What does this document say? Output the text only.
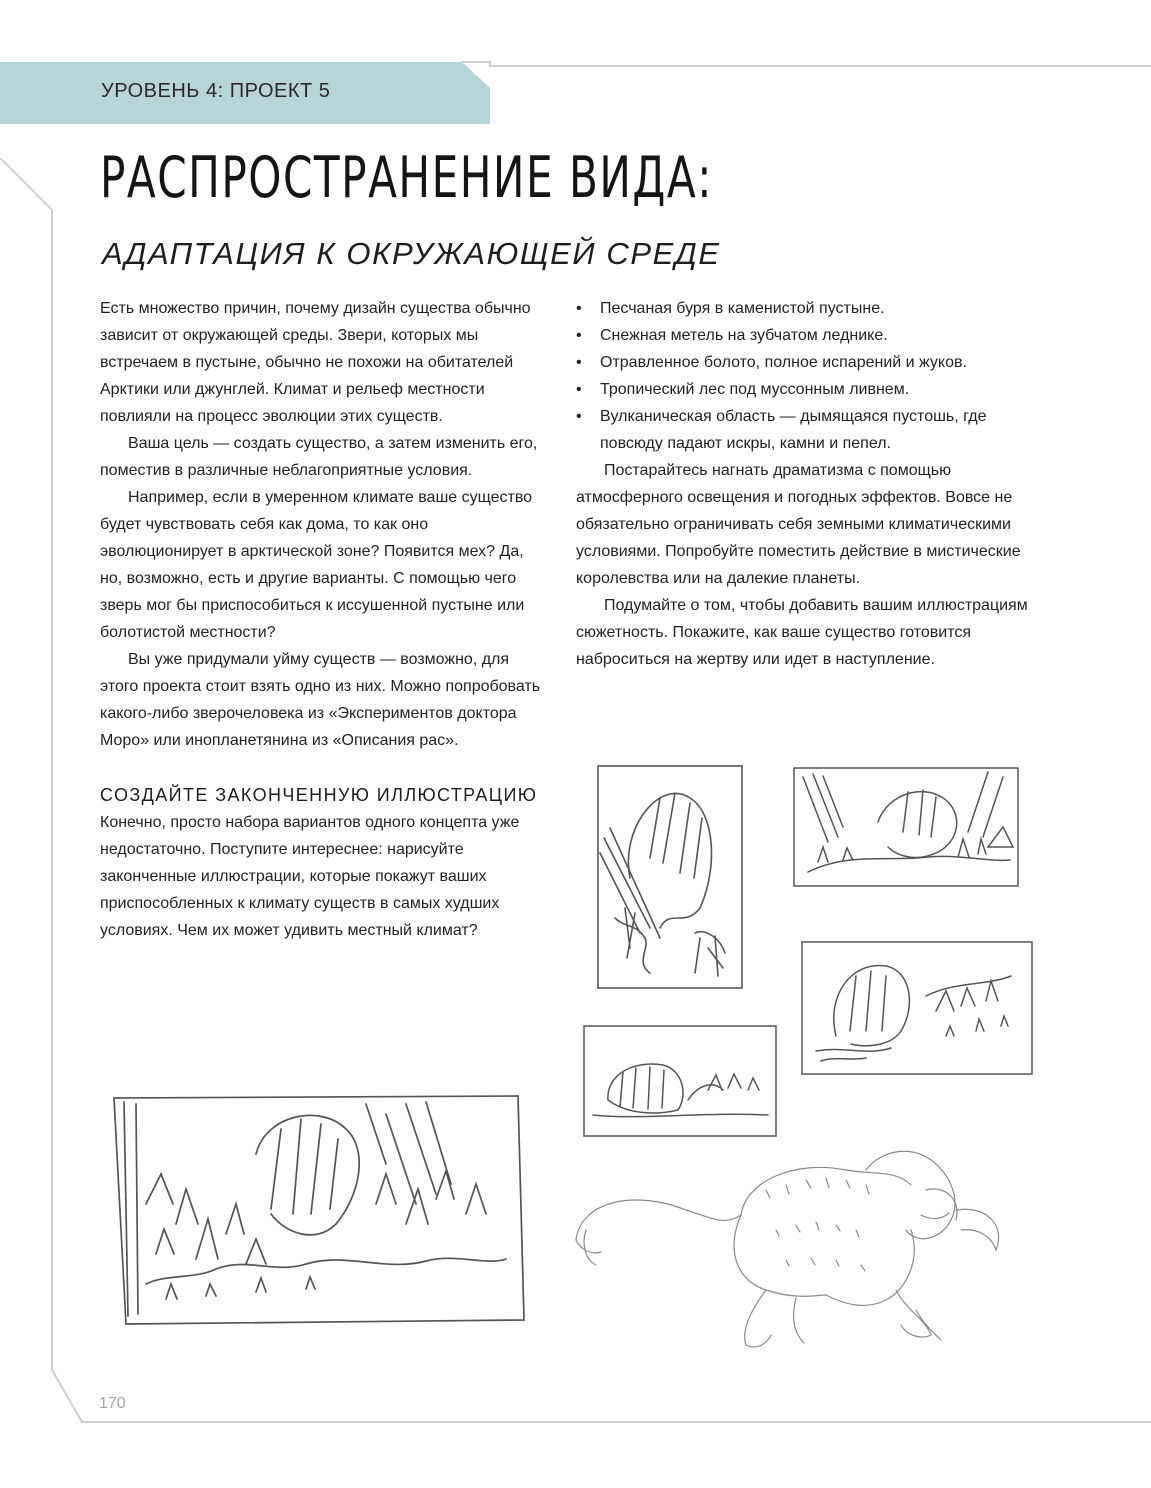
УРОВЕНЬ 4: ПРОЕКТ 5
РАСПРОСТРАНЕНИЕ ВИДА:
АДАПТАЦИЯ К ОКРУЖАЮЩЕЙ СРЕДЕ

Есть множество причин, почему дизайн существа обычно зависит от окружающей среды. Звери, которых мы встречаем в пустыне, обычно не похожи на обитателей Арктики или джунглей. Климат и рельеф местности повлияли на процесс эволюции этих существ.

Ваша цель — создать существо, а затем изменить его, поместив в различные неблагоприятные условия.

Например, если в умеренном климате ваше существо будет чувствовать себя как дома, то как оно эволюционирует в арктической зоне? Появится мех? Да, но, возможно, есть и другие варианты. С помощью чего зверь мог бы приспособиться к иссушенной пустыне или болотистой местности?

Вы уже придумали уйму существ — возможно, для этого проекта стоит взять одно из них. Можно попробовать какого-либо зверочеловека из «Экспериментов доктора Моро» или инопланетянина из «Описания рас».

СОЗДАЙТЕ ЗАКОНЧЕННУЮ ИЛЛЮСТРАЦИЮ

Конечно, просто набора вариантов одного концепта уже недостаточно. Поступите интереснее: нарисуйте законченные иллюстрации, которые покажут ваших приспособленных к климату существ в самых худших условиях. Чем их может удивить местный климат?

• Песчаная буря в каменистой пустыне.
• Снежная метель на зубчатом леднике.
• Отравленное болото, полное испарений и жуков.
• Тропический лес под муссонным ливнем.
• Вулканическая область — дымящаяся пустошь, где повсюду падают искры, камни и пепел.

Постарайтесь нагнать драматизма с помощью атмосферного освещения и погодных эффектов. Вовсе не обязательно ограничивать себя земными климатическими условиями. Попробуйте поместить действие в мистические королевства или на далекие планеты.

Подумайте о том, чтобы добавить вашим иллюстрациям сюжетность. Покажите, как ваше существо готовится наброситься на жертву или идет в наступление.

170
